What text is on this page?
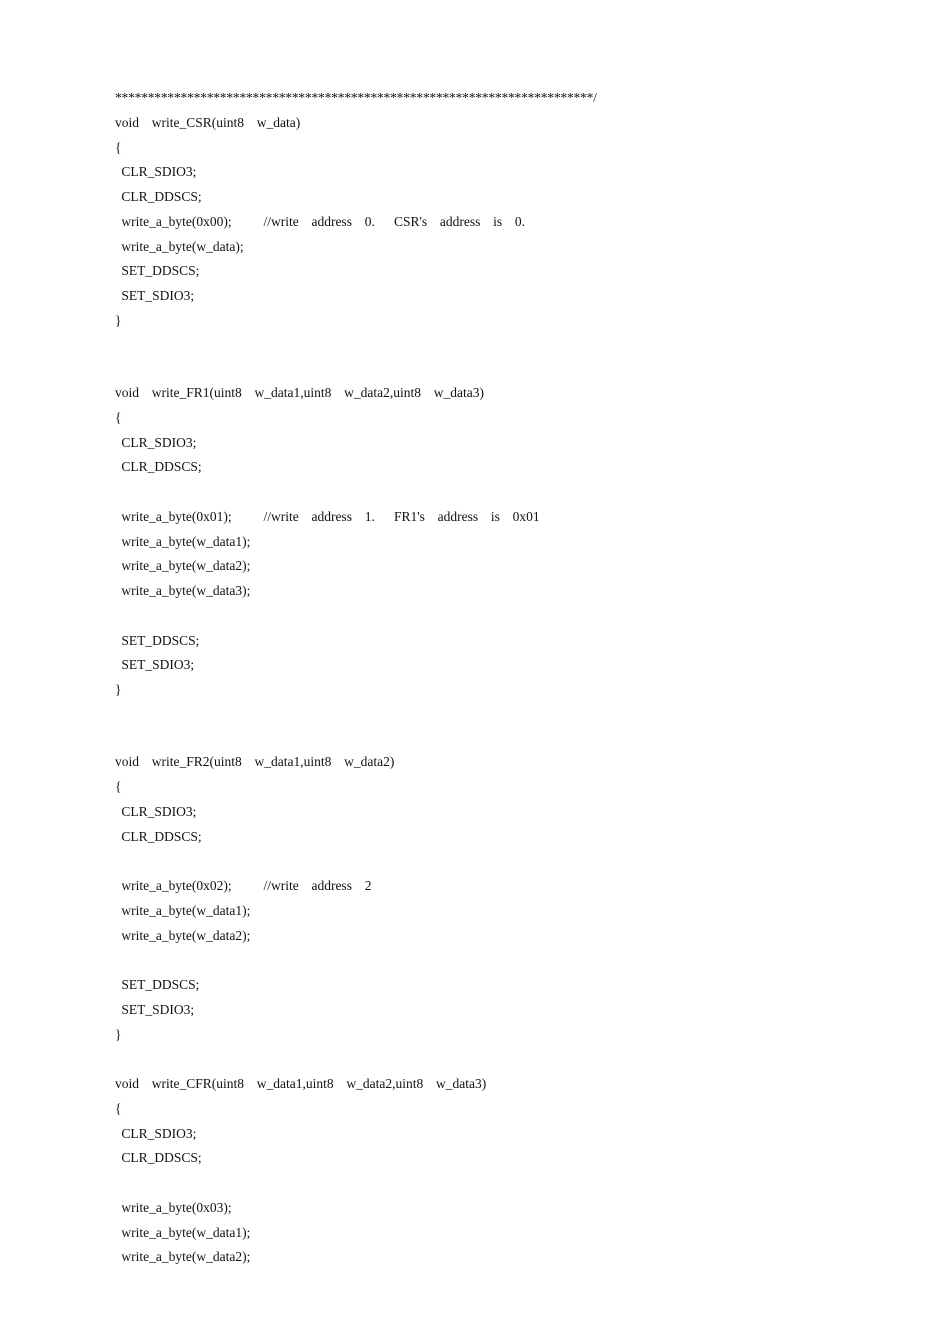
*************************************************************************/
void  write_CSR(uint8  w_data)
{
CLR_SDIO3;
CLR_DDSCS;
write_a_byte(0x00);     //write  address  0.   CSR's  address  is  0.
write_a_byte(w_data);
SET_DDSCS;
SET_SDIO3;
}
void  write_FR1(uint8  w_data1,uint8  w_data2,uint8  w_data3)
{
CLR_SDIO3;
CLR_DDSCS;
write_a_byte(0x01);     //write  address  1.   FR1's  address  is  0x01
write_a_byte(w_data1);
write_a_byte(w_data2);
write_a_byte(w_data3);
SET_DDSCS;
SET_SDIO3;
}
void  write_FR2(uint8  w_data1,uint8  w_data2)
{
CLR_SDIO3;
CLR_DDSCS;
write_a_byte(0x02);     //write  address  2
write_a_byte(w_data1);
write_a_byte(w_data2);
SET_DDSCS;
SET_SDIO3;
}
void  write_CFR(uint8  w_data1,uint8  w_data2,uint8  w_data3)
{
CLR_SDIO3;
CLR_DDSCS;
write_a_byte(0x03);
write_a_byte(w_data1);
write_a_byte(w_data2);
